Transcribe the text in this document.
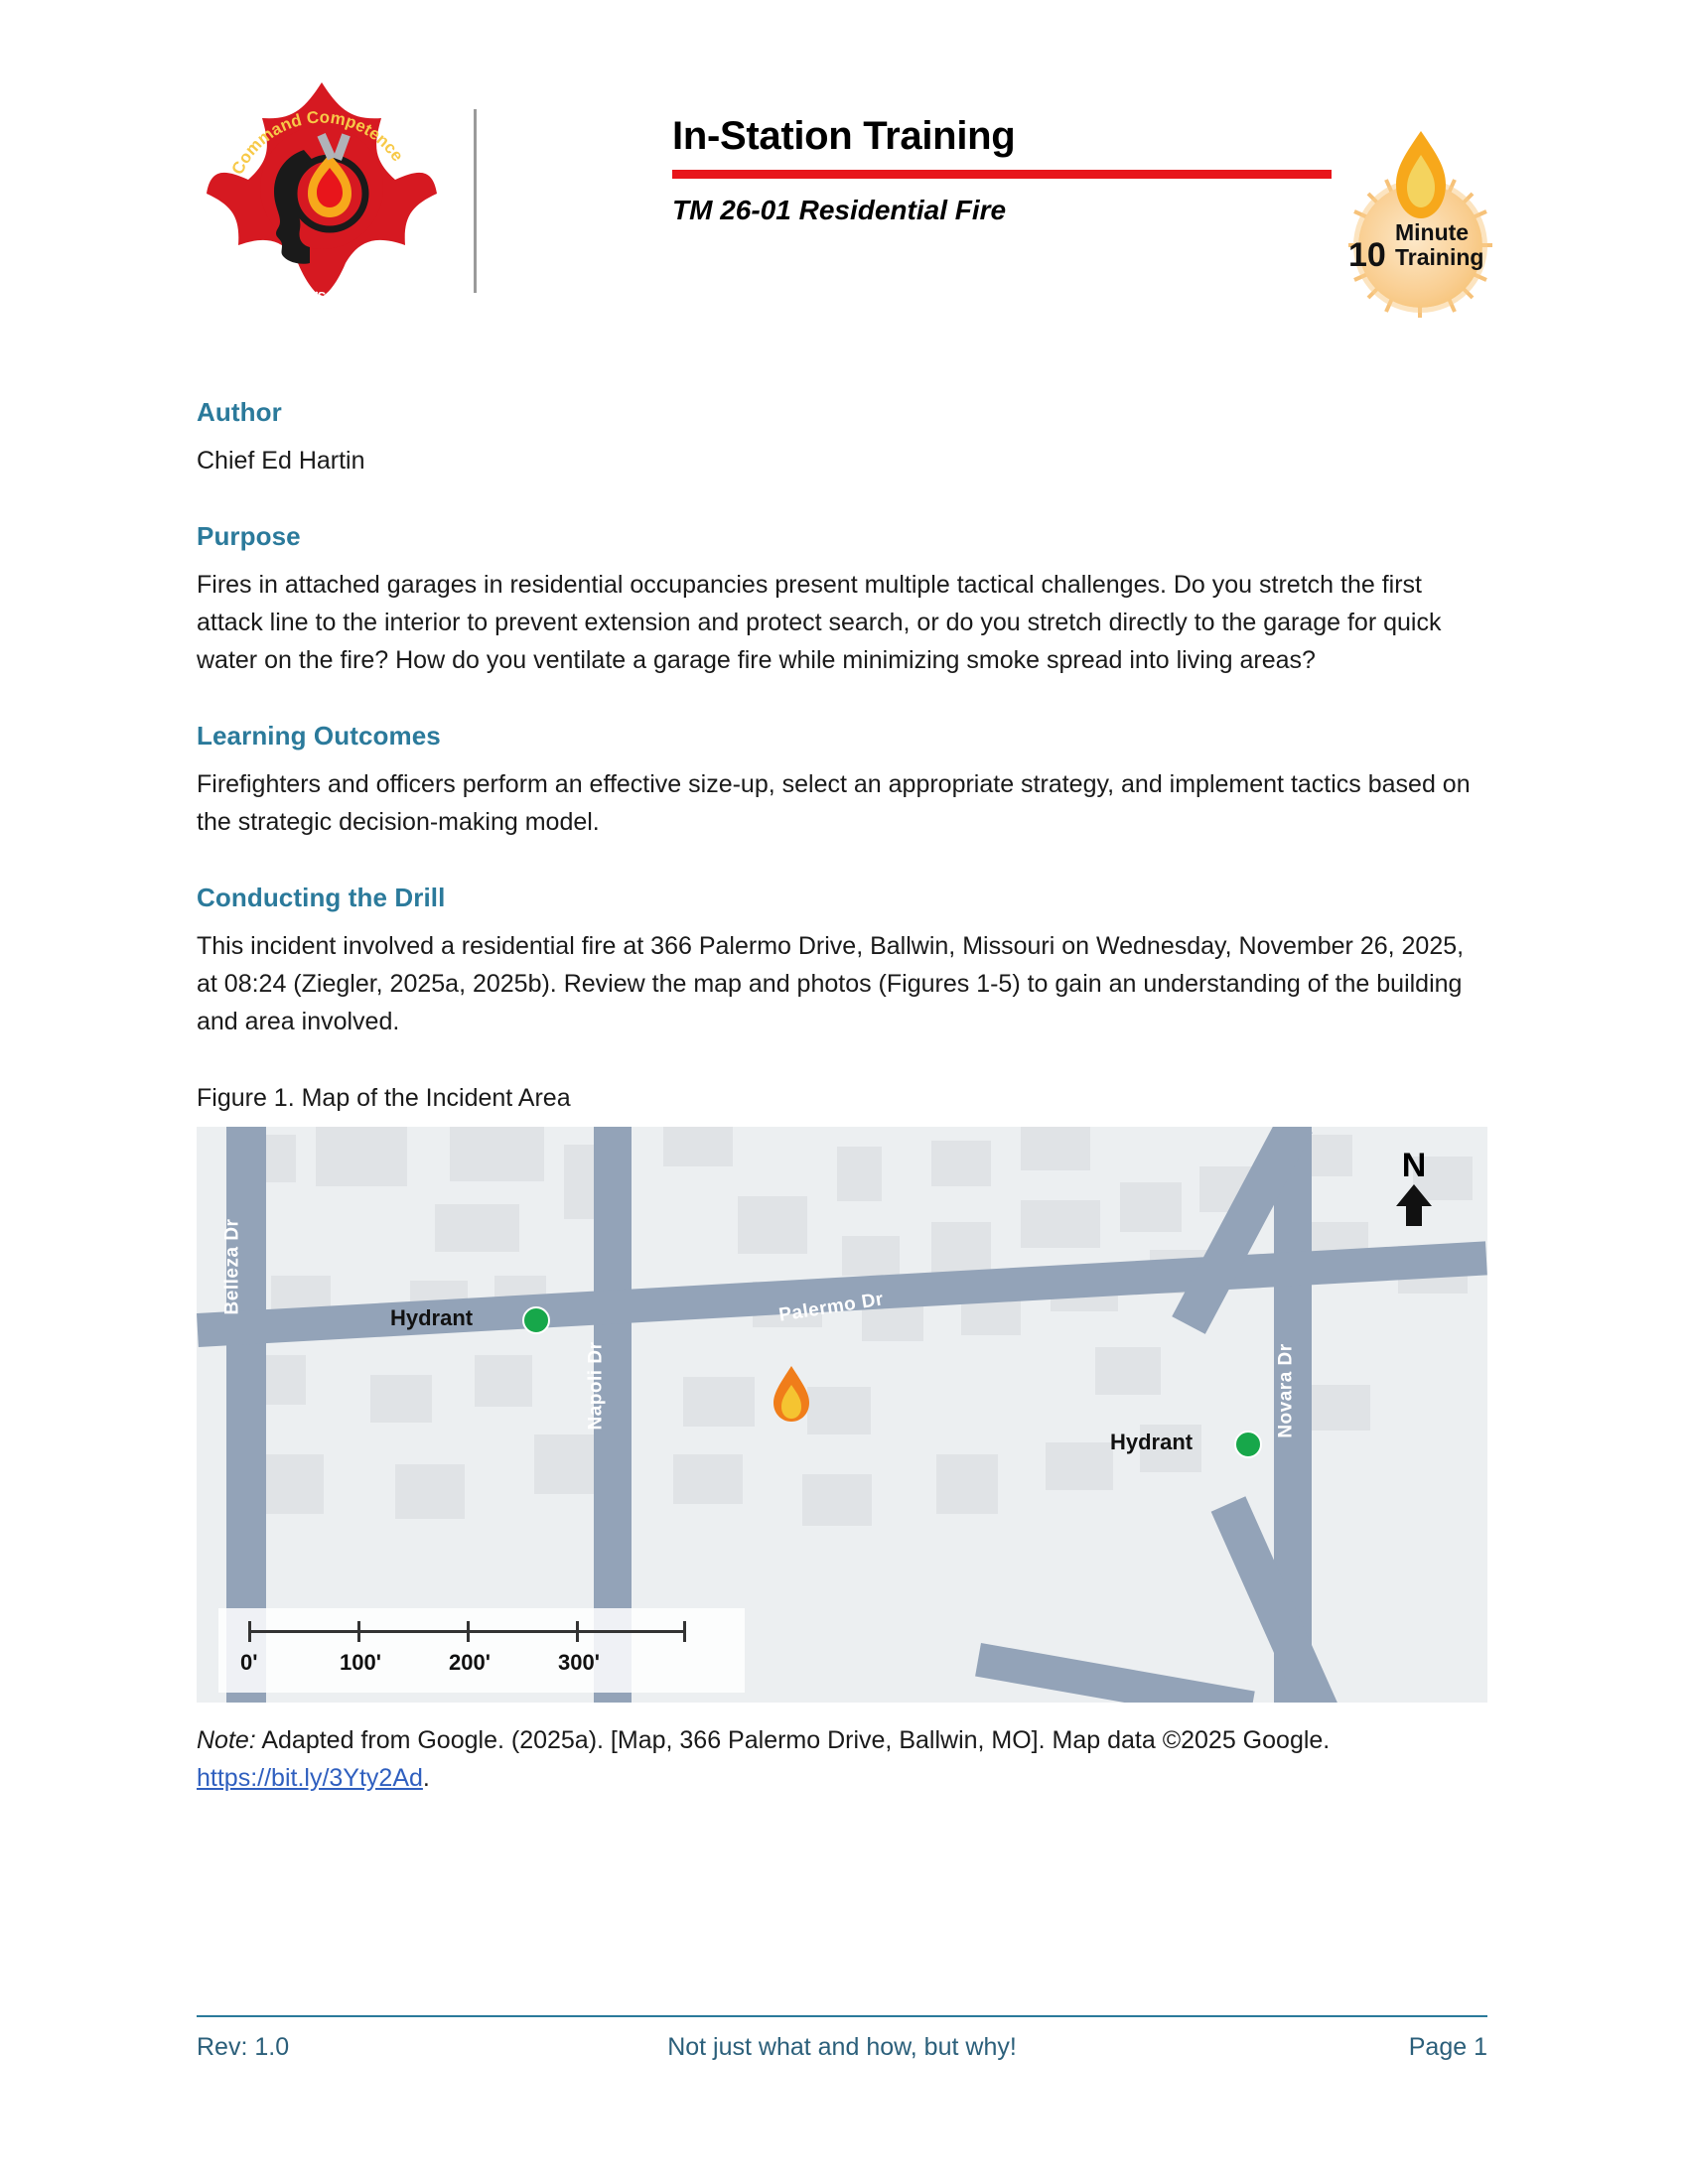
Command Competence
CFBT-US, LLC
In-Station Training
TM 26-01 Residential Fire
10
Minute
Training
Author

Chief Ed Hartin

Purpose

Fires in attached garages in residential occupancies present multiple tactical challenges. Do you stretch the first attack line to the interior to prevent extension and protect search, or do you stretch directly to the garage for quick water on the fire? How do you ventilate a garage fire while minimizing smoke spread into living areas?

Learning Outcomes

Firefighters and officers perform an effective size-up, select an appropriate strategy, and implement tactics based on the strategic decision-making model.

Conducting the Drill

This incident involved a residential fire at 366 Palermo Drive, Ballwin, Missouri on Wednesday, November 26, 2025, at 08:24 (Ziegler, 2025a, 2025b). Review the map and photos (Figures 1-5) to gain an understanding of the building and area involved.

Figure 1. Map of the Incident Area
Belleza Dr
Napoli Dr
Palermo Dr
Novara Dr
Hydrant
Hydrant
N
0'	100'	200'	300'
Note: Adapted from Google. (2025a). [Map, 366 Palermo Drive, Ballwin, MO]. Map data ©2025 Google.
https://bit.ly/3Yty2Ad.
Rev: 1.0	Not just what and how, but why!	Page 1
